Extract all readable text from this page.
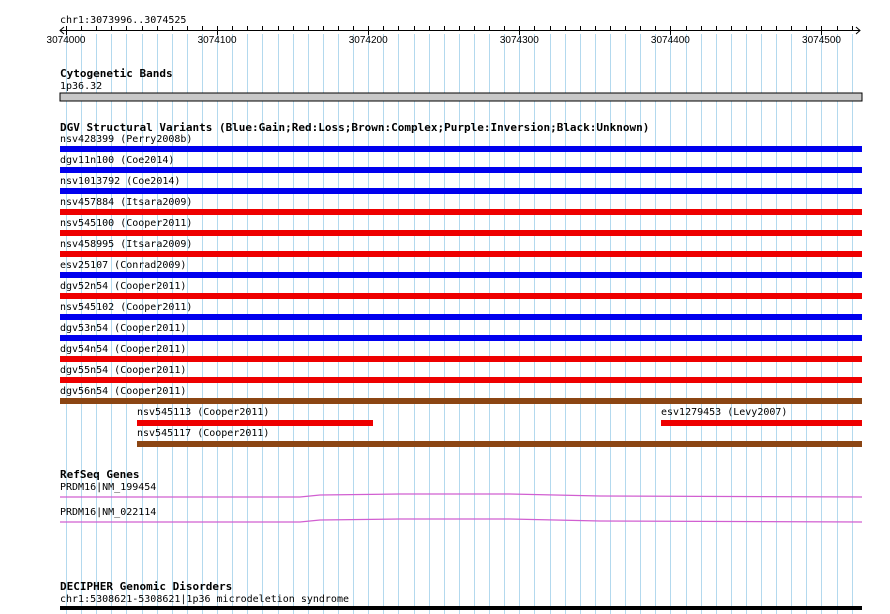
chr1:3073996..3074525
3074000	3074100	3074200	3074300	3074400	3074500
Cytogenetic Bands
1p36.32
DGV Structural Variants (Blue:Gain;Red:Loss;Brown:Complex;Purple:Inversion;Black:Unknown)
nsv428399 (Perry2008b)
dgv11n100 (Coe2014)
nsv1013792 (Coe2014)
nsv457884 (Itsara2009)
nsv545100 (Cooper2011)
nsv458995 (Itsara2009)
esv25107 (Conrad2009)
dgv52n54 (Cooper2011)
nsv545102 (Cooper2011)
dgv53n54 (Cooper2011)
dgv54n54 (Cooper2011)
dgv55n54 (Cooper2011)
dgv56n54 (Cooper2011)
nsv545113 (Cooper2011)	esv1279453 (Levy2007)
nsv545117 (Cooper2011)
RefSeq Genes
PRDM16|NM_199454
PRDM16|NM_022114
DECIPHER Genomic Disorders
chr1:5308621-5308621|1p36 microdeletion syndrome
